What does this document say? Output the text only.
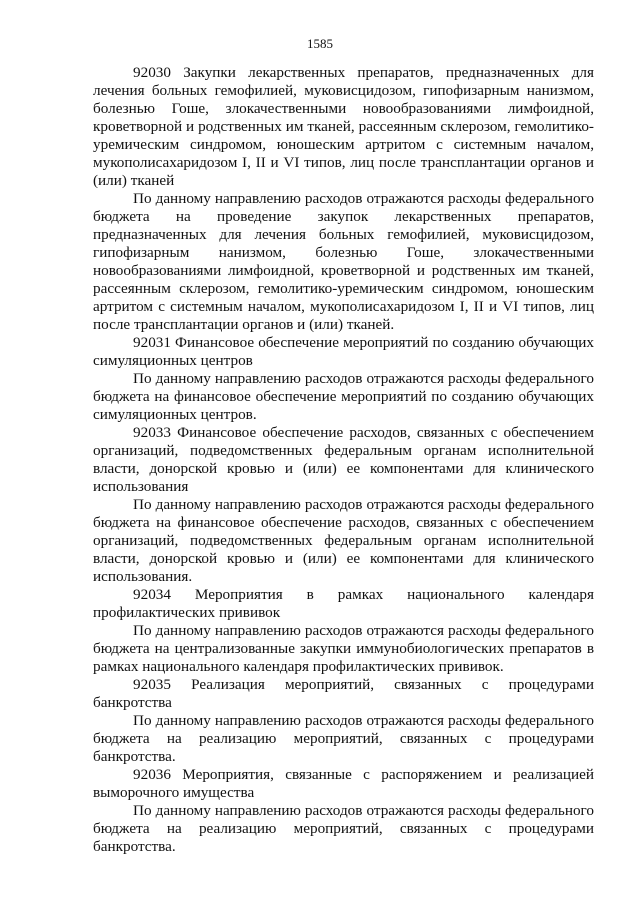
1585

92030 Закупки лекарственных препаратов, предназначенных для лечения больных гемофилией, муковисцидозом, гипофизарным нанизмом, болезнью Гоше, злокачественными новообразованиями лимфоидной, кроветворной и родственных им тканей, рассеянным склерозом, гемолитико-уремическим синдромом, юношеским артритом с системным началом, мукополисахаридозом I, II и VI типов, лиц после трансплантации органов и (или) тканей

По данному направлению расходов отражаются расходы федерального бюджета на проведение закупок лекарственных препаратов, предназначенных для лечения больных гемофилией, муковисцидозом, гипофизарным нанизмом, болезнью Гоше, злокачественными новообразованиями лимфоидной, кроветворной и родственных им тканей, рассеянным склерозом, гемолитико-уремическим синдромом, юношеским артритом с системным началом, мукополисахаридозом I, II и VI типов, лиц после трансплантации органов и (или) тканей.

92031 Финансовое обеспечение мероприятий по созданию обучающих симуляционных центров

По данному направлению расходов отражаются расходы федерального бюджета на финансовое обеспечение мероприятий по созданию обучающих симуляционных центров.

92033 Финансовое обеспечение расходов, связанных с обеспечением организаций, подведомственных федеральным органам исполнительной власти, донорской кровью и (или) ее компонентами для клинического использования

По данному направлению расходов отражаются расходы федерального бюджета на финансовое обеспечение расходов, связанных с обеспечением организаций, подведомственных федеральным органам исполнительной власти, донорской кровью и (или) ее компонентами для клинического использования.

92034 Мероприятия в рамках национального календаря профилактических прививок

По данному направлению расходов отражаются расходы федерального бюджета на централизованные закупки иммунобиологических препаратов в рамках национального календаря профилактических прививок.

92035 Реализация мероприятий, связанных с процедурами банкротства

По данному направлению расходов отражаются расходы федерального бюджета на реализацию мероприятий, связанных с процедурами банкротства.

92036 Мероприятия, связанные с распоряжением и реализацией выморочного имущества

По данному направлению расходов отражаются расходы федерального бюджета на реализацию мероприятий, связанных с процедурами банкротства.
